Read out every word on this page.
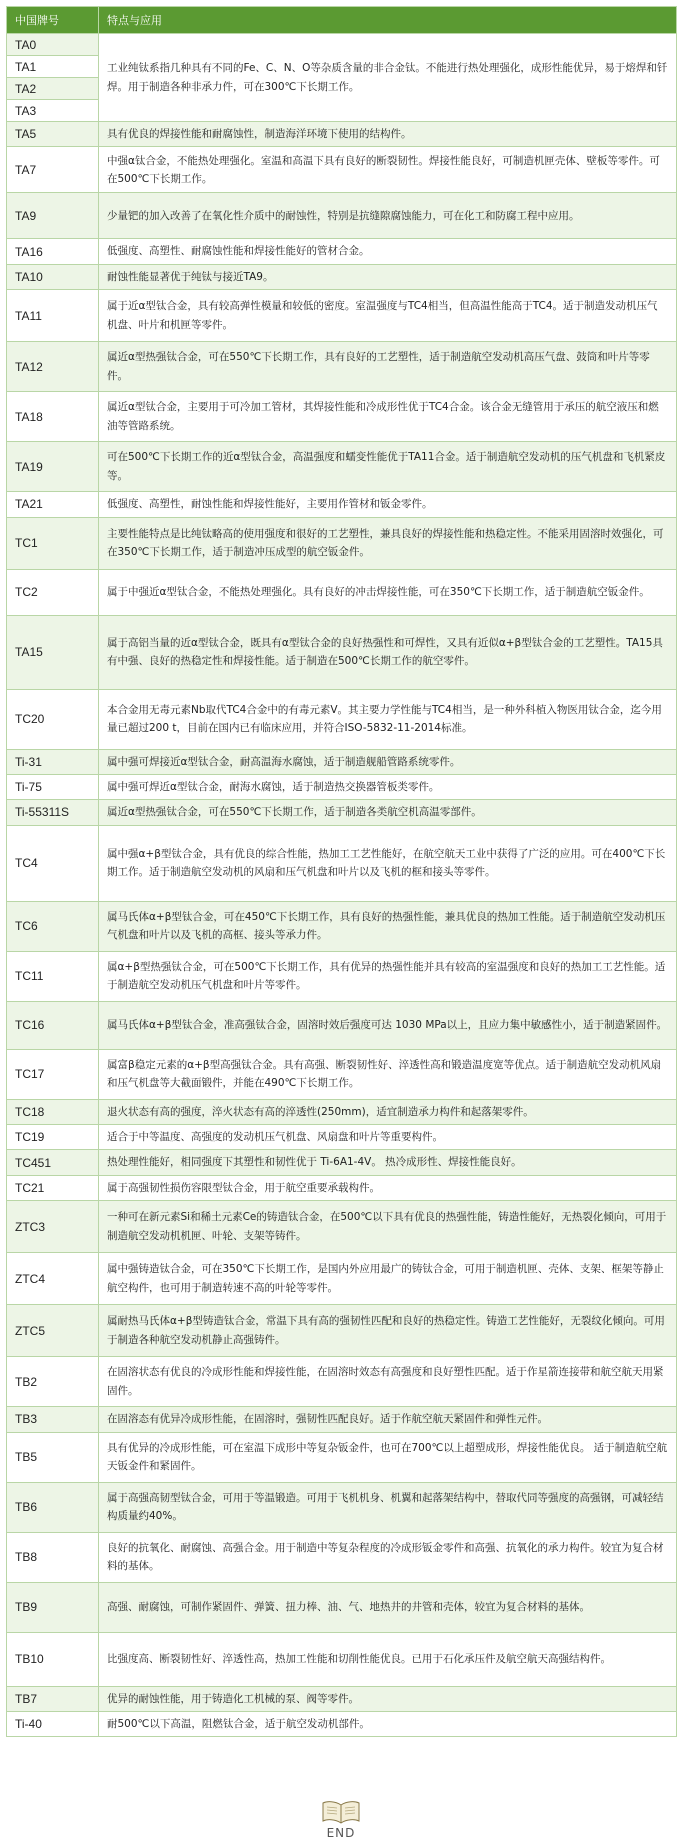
中国牌号	特点与应用
TA0	工业纯钛系指几种具有不同的Fe、C、N、O等杂质含量的非合金钛。不能进行热处理强化，成形性能优异，易于熔焊和钎焊。用于制造各种非承力件，可在300℃下长期工作。
TA1	
TA2	
TA3	
TA5	具有优良的焊接性能和耐腐蚀性，制造海洋环境下使用的结构件。
TA7	中强α钛合金，不能热处理强化。室温和高温下具有良好的断裂韧性。焊接性能良好，可制造机匣壳体、壁板等零件。可在500℃下长期工作。
TA9	少量钯的加入改善了在氧化性介质中的耐蚀性，特别是抗缝隙腐蚀能力，可在化工和防腐工程中应用。
TA16	低强度、高塑性、耐腐蚀性能和焊接性能好的管材合金。
TA10	耐蚀性能显著优于纯钛与接近TA9。
TA11	属于近α型钛合金，具有较高弹性模量和较低的密度。室温强度与TC4相当，但高温性能高于TC4。适于制造发动机压气机盘、叶片和机匣等零件。
TA12	属近α型热强钛合金，可在550℃下长期工作，具有良好的工艺塑性，适于制造航空发动机高压气盘、鼓筒和叶片等零件。
TA18	属近α型钛合金，主要用于可冷加工管材，其焊接性能和冷成形性优于TC4合金。该合金无缝管用于承压的航空液压和燃油等管路系统。
TA19	可在500℃下长期工作的近α型钛合金，高温强度和蠕变性能优于TA11合金。适于制造航空发动机的压气机盘和飞机紧皮等。
TA21	低强度、高塑性，耐蚀性能和焊接性能好，主要用作管材和钣金零件。
TC1	主要性能特点是比纯钛略高的使用强度和很好的工艺塑性，兼具良好的焊接性能和热稳定性。不能采用固溶时效强化，可在350℃下长期工作，适于制造冲压成型的航空钣金件。
TC2	属于中强近α型钛合金，不能热处理强化。具有良好的冲击焊接性能，可在350℃下长期工作，适于制造航空钣金件。
TA15	属于高铝当量的近α型钛合金，既具有α型钛合金的良好热强性和可焊性，又具有近似α+β型钛合金的工艺塑性。TA15具有中强、良好的热稳定性和焊接性能。适于制造在500℃长期工作的航空零件。
TC20	本合金用无毒元素Nb取代TC4合金中的有毒元素V。其主要力学性能与TC4相当，是一种外科植入物医用钛合金，迄今用量已超过200 t，目前在国内已有临床应用，并符合ISO-5832-11-2014标准。
Ti-31	属中强可焊接近α型钛合金，耐高温海水腐蚀，适于制造舰船管路系统零件。
Ti-75	属中强可焊近α型钛合金，耐海水腐蚀，适于制造热交换器管板类零件。
Ti-55311S	属近α型热强钛合金，可在550℃下长期工作，适于制造各类航空机高温零部件。
TC4	属中强α+β型钛合金，具有优良的综合性能，热加工工艺性能好，在航空航天工业中获得了广泛的应用。可在400℃下长期工作。适于制造航空发动机的风扇和压气机盘和叶片以及飞机的框和接头等零件。
TC6	属马氏体α+β型钛合金，可在450℃下长期工作，具有良好的热强性能，兼具优良的热加工性能。适于制造航空发动机压气机盘和叶片以及飞机的高框、接头等承力件。
TC11	属α+β型热强钛合金，可在500℃下长期工作，具有优异的热强性能并具有较高的室温强度和良好的热加工工艺性能。适于制造航空发动机压气机盘和叶片等零件。
TC16	属马氏体α+β型钛合金，准高强钛合金，固溶时效后强度可达 1030 MPa以上，且应力集中敏感性小，适于制造紧固件。
TC17	属富β稳定元素的α+β型高强钛合金。具有高强、断裂韧性好、淬透性高和锻造温度宽等优点。适于制造航空发动机风扇和压气机盘等大截面锻件，并能在490℃下长期工作。
TC18	退火状态有高的强度，淬火状态有高的淬透性(250mm)，适宜制造承力构件和起落架零件。
TC19	适合于中等温度、高强度的发动机压气机盘、风扇盘和叶片等重要构件。
TC451	热处理性能好，相同强度下其塑性和韧性优于 Ti-6A1-4V。 热冷成形性、焊接性能良好。
TC21	属于高强韧性损伤容限型钛合金，用于航空重要承载构件。
ZTC3	一种可在新元素Si和稀土元素Ce的铸造钛合金，在500℃以下具有优良的热强性能，铸造性能好，无热裂化倾向，可用于制造航空发动机机匣、叶轮、支架等铸件。
ZTC4	属中强铸造钛合金，可在350℃下长期工作，是国内外应用最广的铸钛合金，可用于制造机匣、壳体、支架、框架等静止航空构件，也可用于制造转速不高的叶轮等零件。
ZTC5	属耐热马氏体α+β型铸造钛合金，常温下具有高的强韧性匹配和良好的热稳定性。铸造工艺性能好，无裂纹化倾向。可用于制造各种航空发动机静止高强铸件。
TB2	在固溶状态有优良的冷成形性能和焊接性能，在固溶时效态有高强度和良好塑性匹配。适于作星箭连接带和航空航天用紧固件。
TB3	在固溶态有优异冷成形性能，在固溶时，强韧性匹配良好。适于作航空航天紧固件和弹性元件。
TB5	具有优异的冷成形性能，可在室温下成形中等复杂钣金件，也可在700℃以上超塑成形，焊接性能优良。 适于制造航空航天钣金件和紧固件。
TB6	属于高强高韧型钛合金，可用于等温锻造。可用于飞机机身、机翼和起落架结构中，替取代同等强度的高强钢，可减轻结构质量约40%。
TB8	良好的抗氧化、耐腐蚀、高强合金。用于制造中等复杂程度的冷成形钣金零件和高强、抗氧化的承力构件。较宜为复合材料的基体。
TB9	高强、耐腐蚀，可制作紧固件、弹簧、扭力棒、油、气、地热井的井管和壳体，较宜为复合材料的基体。
TB10	比强度高、断裂韧性好、淬透性高，热加工性能和切削性能优良。已用于石化承压件及航空航天高强结构件。
TB7	优异的耐蚀性能，用于铸造化工机械的泵、阀等零件。
Ti-40	耐500℃以下高温，阻燃钛合金，适于航空发动机部件。
END
